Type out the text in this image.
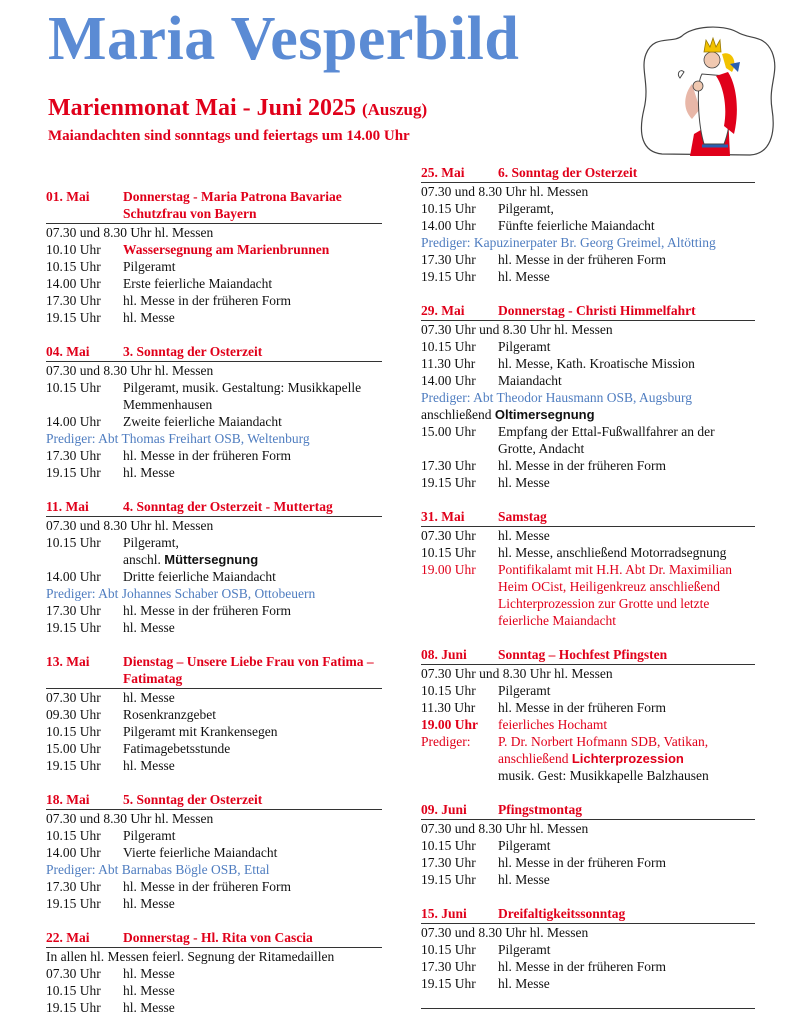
Maria Vesperbild
Marienmonat Mai - Juni 2025 (Auszug)
Maiandachten sind sonntags und feiertags um 14.00 Uhr
01. Mai	Donnerstag - Maria Patrona Bavariae Schutzfrau von Bayern
07.30 und 8.30 Uhr hl. Messen
10.10 Uhr	Wassersegnung am Marienbrunnen
10.15 Uhr	Pilgeramt
14.00 Uhr	Erste feierliche Maiandacht
17.30 Uhr	hl. Messe in der früheren Form
19.15 Uhr	hl. Messe
04. Mai	3. Sonntag der Osterzeit
07.30 und 8.30 Uhr hl. Messen
10.15 Uhr	Pilgeramt, musik. Gestaltung: Musikkapelle Memmenhausen
14.00 Uhr	Zweite feierliche Maiandacht
Prediger: Abt Thomas Freihart OSB, Weltenburg
17.30 Uhr	hl. Messe in der früheren Form
19.15 Uhr	hl. Messe
11. Mai	4. Sonntag der Osterzeit - Muttertag
07.30 und 8.30 Uhr hl. Messen
10.15 Uhr	Pilgeramt,
anschl. Müttersegnung
14.00 Uhr	Dritte feierliche Maiandacht
Prediger: Abt Johannes Schaber OSB, Ottobeuern
17.30 Uhr	hl. Messe in der früheren Form
19.15 Uhr	hl. Messe
13. Mai	Dienstag – Unsere Liebe Frau von Fatima – Fatimatag
07.30 Uhr	hl. Messe
09.30 Uhr	Rosenkranzgebet
10.15 Uhr	Pilgeramt mit Krankensegen
15.00 Uhr	Fatimagebetsstunde
19.15 Uhr	hl. Messe
18. Mai	5. Sonntag der Osterzeit
07.30 und 8.30 Uhr hl. Messen
10.15 Uhr	Pilgeramt
14.00 Uhr	Vierte feierliche Maiandacht
Prediger: Abt Barnabas Bögle OSB, Ettal
17.30 Uhr	hl. Messe in der früheren Form
19.15 Uhr	hl. Messe
22. Mai	Donnerstag - Hl. Rita von Cascia
In allen hl. Messen feierl. Segnung der Ritamedaillen
07.30 Uhr	hl. Messe
10.15 Uhr	hl. Messe
19.15 Uhr	hl. Messe
25. Mai	6. Sonntag der Osterzeit
07.30 und 8.30 Uhr hl. Messen
10.15 Uhr	Pilgeramt,
14.00 Uhr	Fünfte feierliche Maiandacht
Prediger: Kapuzinerpater Br. Georg Greimel, Altötting
17.30 Uhr	hl. Messe in der früheren Form
19.15 Uhr	hl. Messe
29. Mai	Donnerstag - Christi Himmelfahrt
07.30 Uhr und 8.30 Uhr hl. Messen
10.15 Uhr	Pilgeramt
11.30 Uhr	hl. Messe, Kath. Kroatische Mission
14.00 Uhr	Maiandacht
Prediger: Abt Theodor Hausmann OSB, Augsburg
anschließend Oltimersegnung
15.00 Uhr	Empfang der Ettal-Fußwallfahrer an der Grotte, Andacht
17.30 Uhr	hl. Messe in der früheren Form
19.15 Uhr	hl. Messe
31. Mai	Samstag
07.30 Uhr	hl. Messe
10.15 Uhr	hl. Messe, anschließend Motorradsegnung
19.00 Uhr	Pontifikalamt mit H.H. Abt Dr. Maximilian Heim OCist, Heiligenkreuz anschließend Lichterprozession zur Grotte und letzte feierliche Maiandacht
08. Juni	Sonntag – Hochfest Pfingsten
07.30 Uhr und 8.30 Uhr hl. Messen
10.15 Uhr	Pilgeramt
11.30 Uhr	hl. Messe in der früheren Form
19.00 Uhr	feierliches Hochamt
Prediger:	P. Dr. Norbert Hofmann SDB, Vatikan, anschließend Lichterprozession
musik. Gest: Musikkapelle Balzhausen
09. Juni	Pfingstmontag
07.30 und 8.30 Uhr hl. Messen
10.15 Uhr	Pilgeramt
17.30 Uhr	hl. Messe in der früheren Form
19.15 Uhr	hl. Messe
15. Juni	Dreifaltigkeitssonntag
07.30 und 8.30 Uhr hl. Messen
10.15 Uhr	Pilgeramt
17.30 Uhr	hl. Messe in der früheren Form
19.15 Uhr	hl. Messe
